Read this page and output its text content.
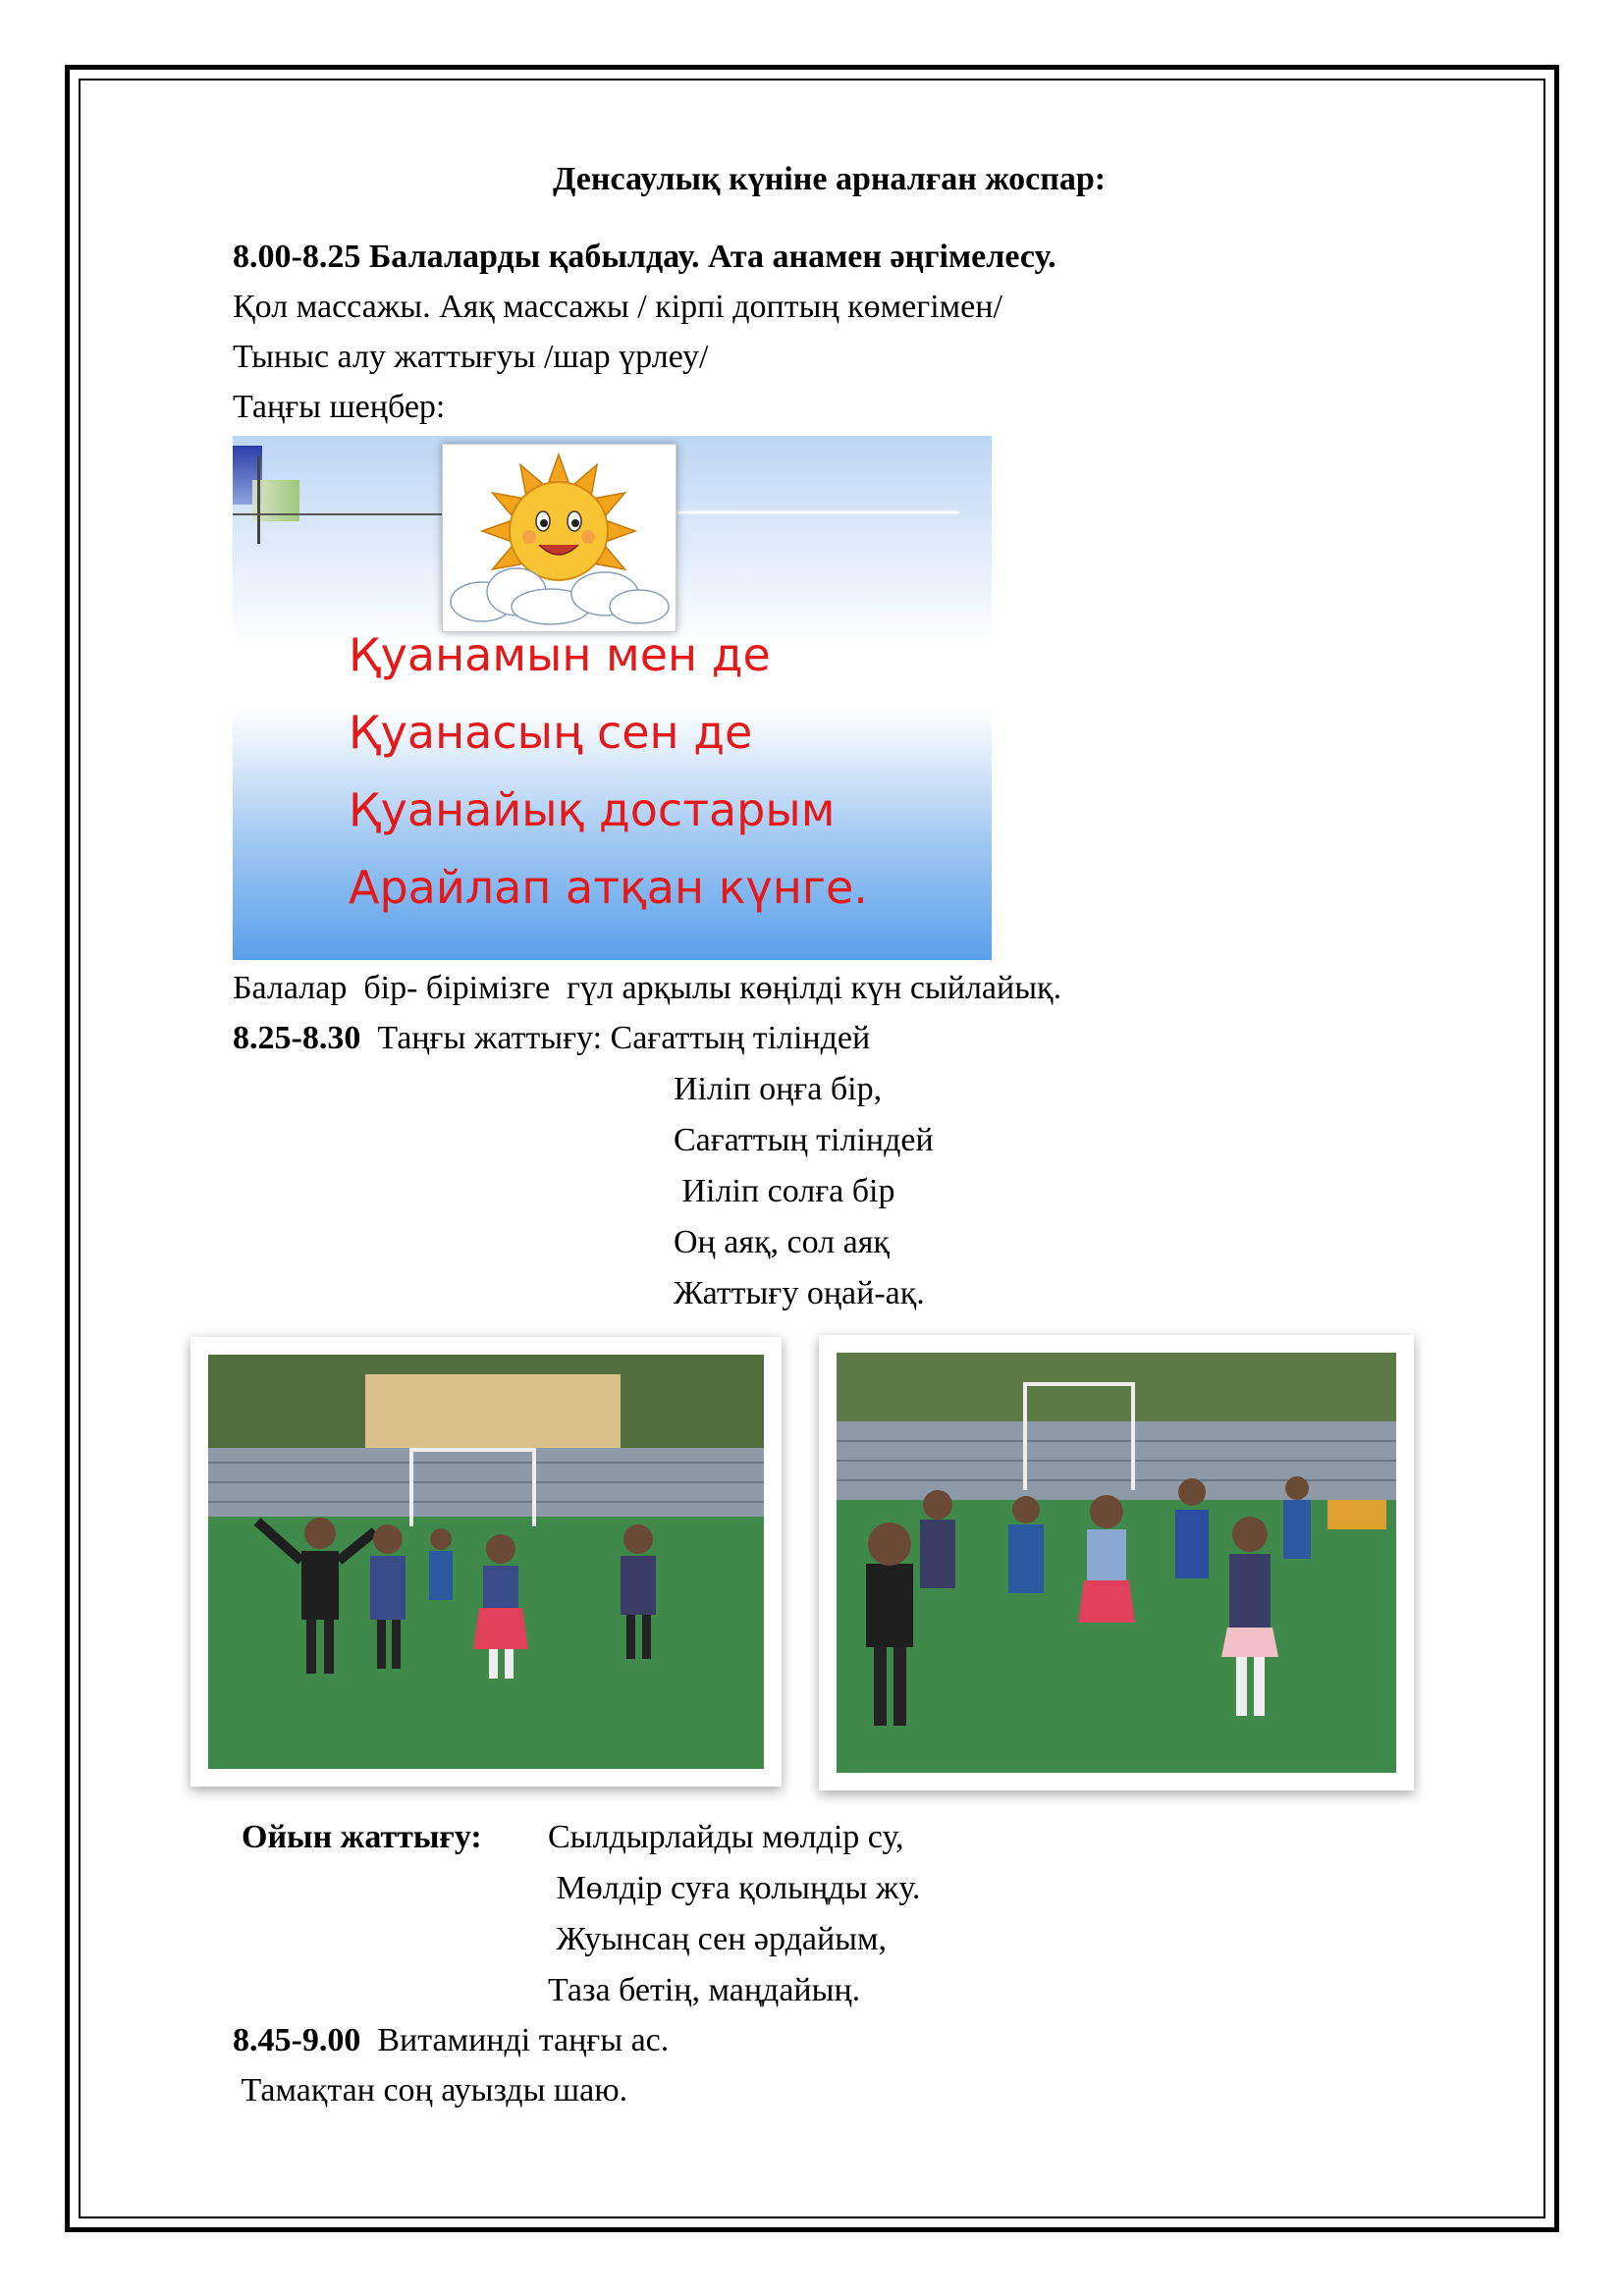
Денсаулық күніне арналған жоспар:
8.00-8.25 Балаларды қабылдау. Ата анамен әңгімелесу.
Қол массажы. Аяқ массажы / кірпі доптың көмегімен/
Тыныс алу жаттығуы /шар үрлеу/
Таңғы шеңбер:
Қуанамын мен де
Қуанасың сен де
Қуанайық достарым
Арайлап атқан күнге.
Балалар  бір- бірімізге  гүл арқылы көңілді күн сыйлайық.
8.25-8.30  Таңғы жаттығу: Сағаттың тіліндей
Иіліп оңға бір,
Сағаттың тіліндей
Иіліп солға бір
Оң аяқ, сол аяқ
Жаттығу оңай-ақ.
Ойын жаттығу: Сылдырлайды мөлдір су,
Мөлдір суға қолыңды жу.
Жуынсаң сен әрдайым,
Таза бетің, маңдайың.
8.45-9.00  Витаминді таңғы ас.
Тамақтан соң ауызды шаю.
